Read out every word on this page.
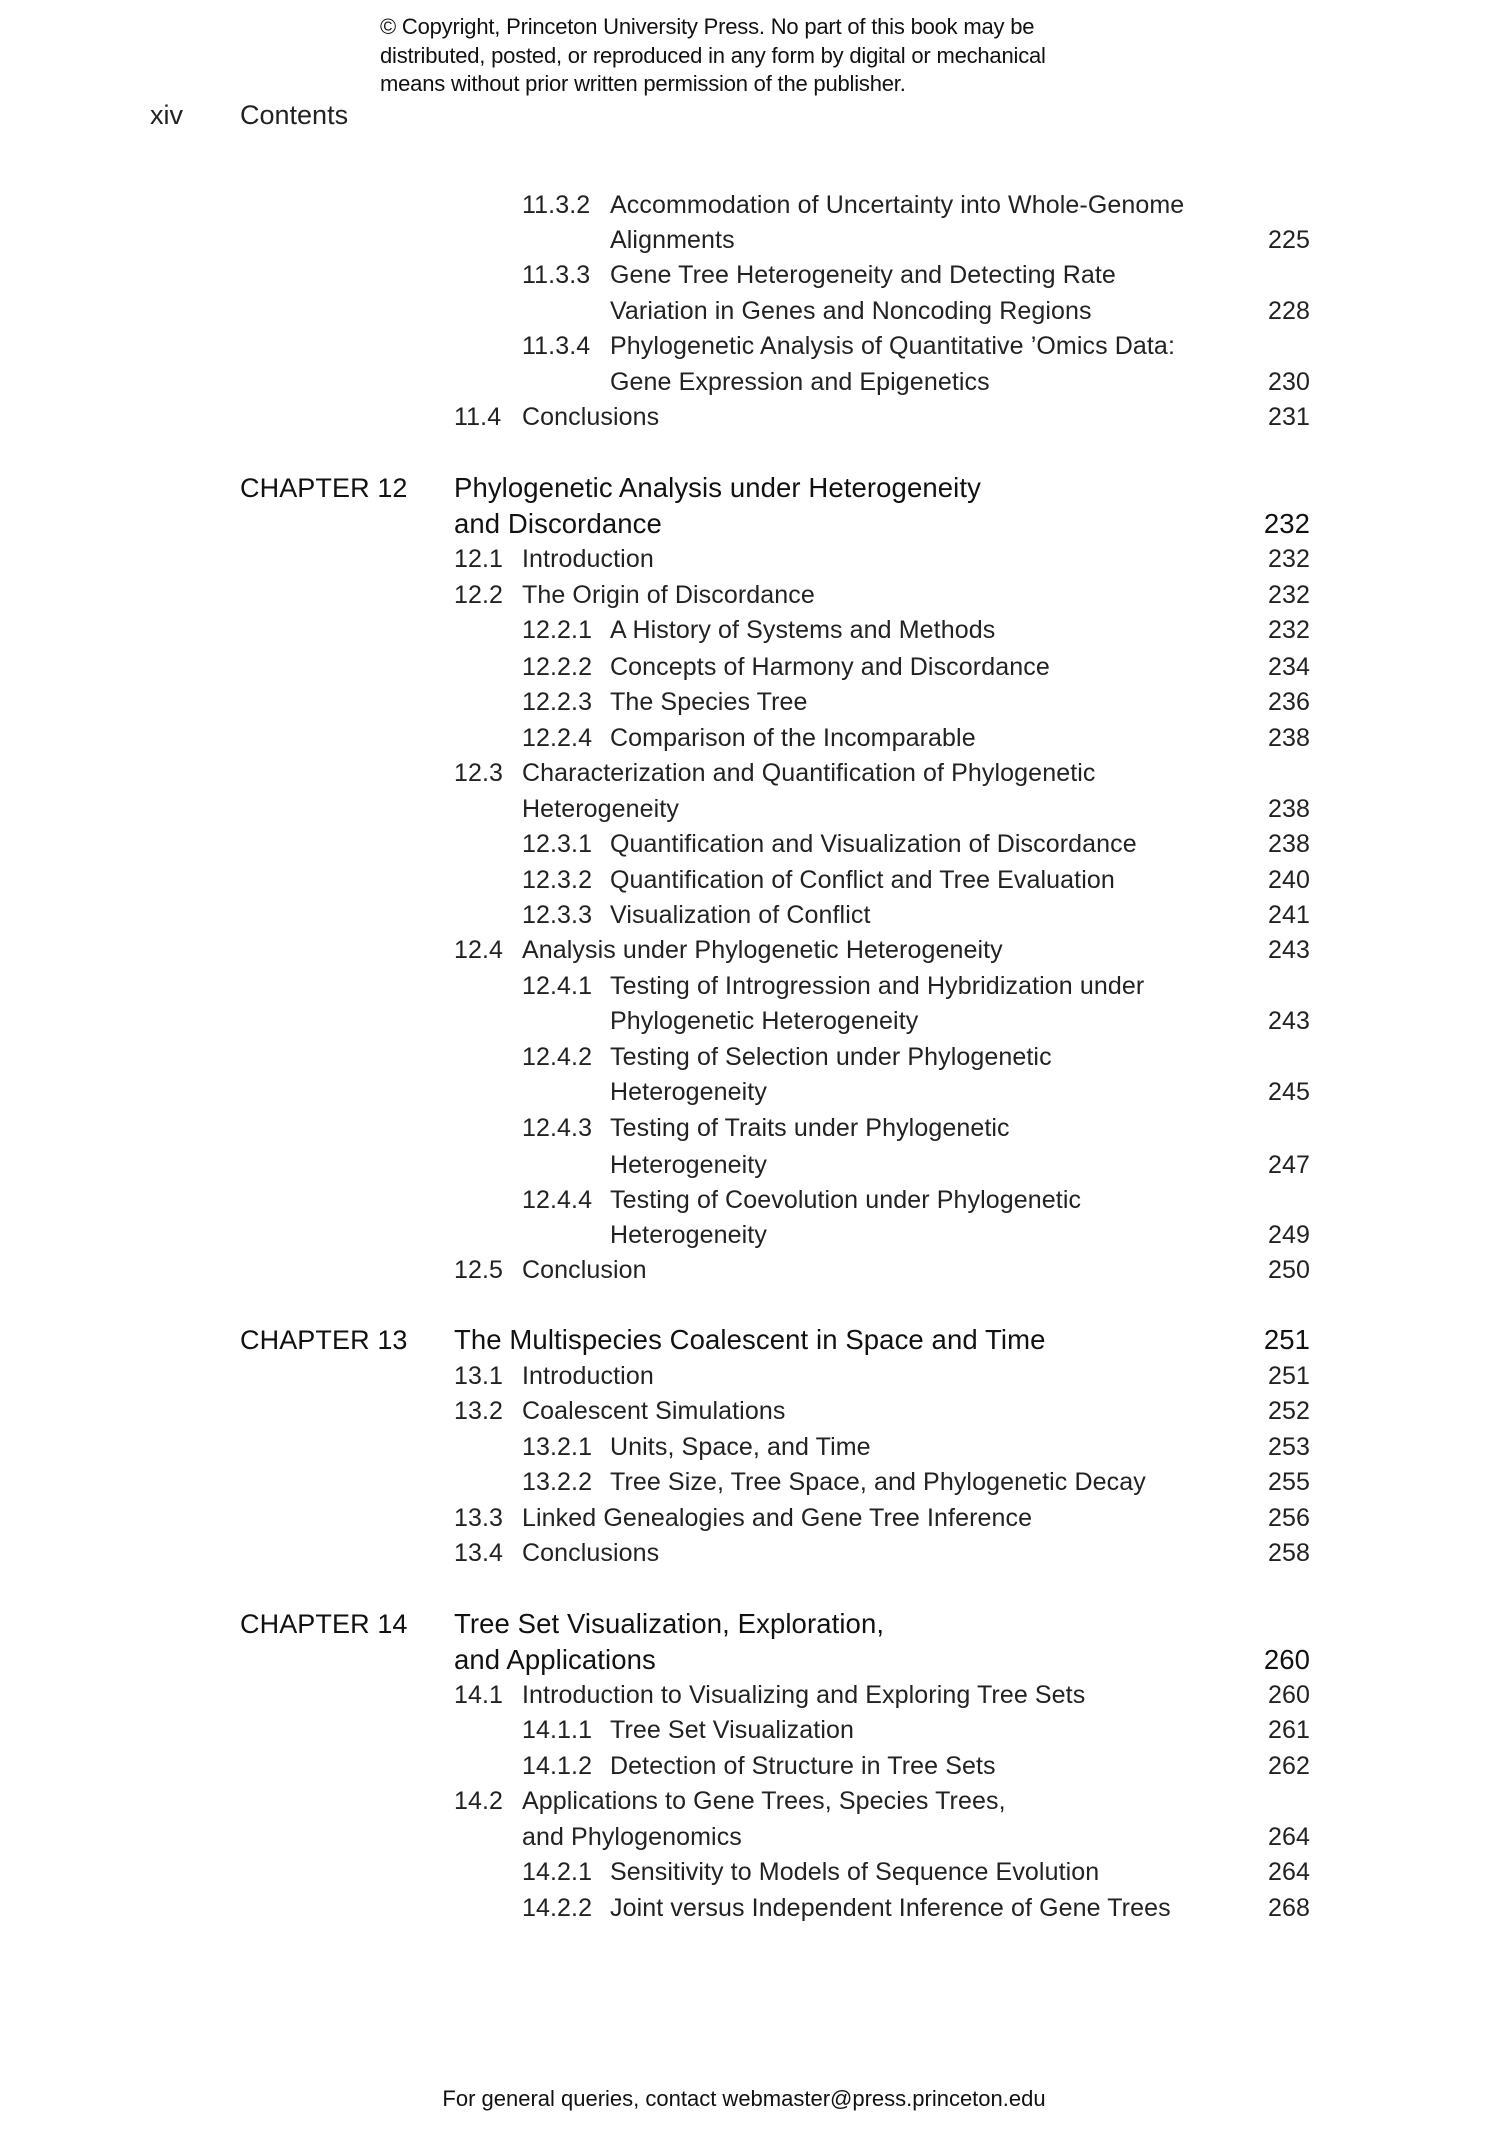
© Copyright, Princeton University Press. No part of this book may be
distributed, posted, or reproduced in any form by digital or mechanical
means without prior written permission of the publisher.
xiv Contents
11.3.2 Accommodation of Uncertainty into Whole-Genome
Alignments	225
11.3.3 Gene Tree Heterogeneity and Detecting Rate
Variation in Genes and Noncoding Regions	228
11.3.4 Phylogenetic Analysis of Quantitative ’Omics Data:
Gene Expression and Epigenetics	230
11.4 Conclusions	231
CHAPTER 12 Phylogenetic Analysis under Heterogeneity
and Discordance	232
12.1 Introduction	232
12.2 The Origin of Discordance	232
12.2.1 A History of Systems and Methods	232
12.2.2 Concepts of Harmony and Discordance	234
12.2.3 The Species Tree	236
12.2.4 Comparison of the Incomparable	238
12.3 Characterization and Quantification of Phylogenetic
Heterogeneity	238
12.3.1 Quantification and Visualization of Discordance	238
12.3.2 Quantification of Conflict and Tree Evaluation	240
12.3.3 Visualization of Conflict	241
12.4 Analysis under Phylogenetic Heterogeneity	243
12.4.1 Testing of Introgression and Hybridization under
Phylogenetic Heterogeneity	243
12.4.2 Testing of Selection under Phylogenetic
Heterogeneity	245
12.4.3 Testing of Traits under Phylogenetic
Heterogeneity	247
12.4.4 Testing of Coevolution under Phylogenetic
Heterogeneity	249
12.5 Conclusion	250
CHAPTER 13 The Multispecies Coalescent in Space and Time	251
13.1 Introduction	251
13.2 Coalescent Simulations	252
13.2.1 Units, Space, and Time	253
13.2.2 Tree Size, Tree Space, and Phylogenetic Decay	255
13.3 Linked Genealogies and Gene Tree Inference	256
13.4 Conclusions	258
CHAPTER 14 Tree Set Visualization, Exploration,
and Applications	260
14.1 Introduction to Visualizing and Exploring Tree Sets	260
14.1.1 Tree Set Visualization	261
14.1.2 Detection of Structure in Tree Sets	262
14.2 Applications to Gene Trees, Species Trees,
and Phylogenomics	264
14.2.1 Sensitivity to Models of Sequence Evolution	264
14.2.2 Joint versus Independent Inference of Gene Trees	268
For general queries, contact webmaster@press.princeton.edu
